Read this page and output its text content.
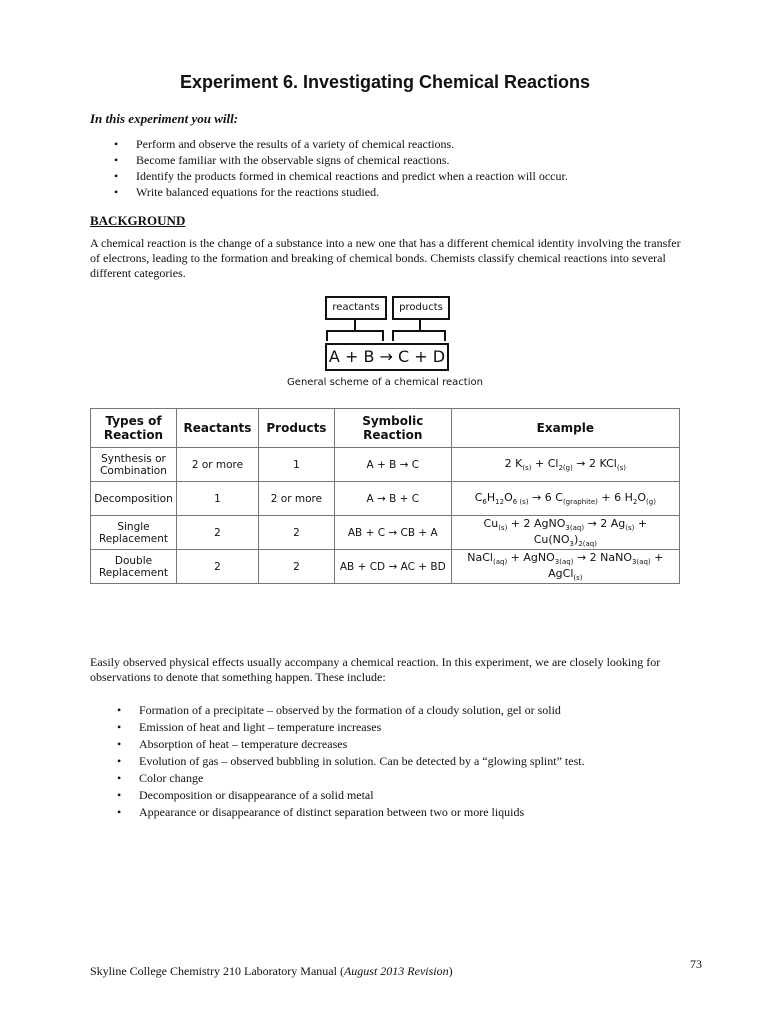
Experiment 6. Investigating Chemical Reactions
In this experiment you will:
• Perform and observe the results of a variety of chemical reactions.
• Become familiar with the observable signs of chemical reactions.
• Identify the products formed in chemical reactions and predict when a reaction will occur.
• Write balanced equations for the reactions studied.
BACKGROUND
A chemical reaction is the change of a substance into a new one that has a different chemical identity involving the transfer of electrons, leading to the formation and breaking of chemical bonds. Chemists classify chemical reactions into several different categories.
reactants	products
A + B → C + D
General scheme of a chemical reaction
Types of Reaction	Reactants	Products	Symbolic Reaction	Example
Synthesis or Combination	2 or more	1	A + B → C	2 $K_{(s)} + Cl_{2(g)} \to 2$ KCl$_{(s)}$
Decomposition	1	2 or more	A → B + C	$C_6H_{12}O_{6 (s)} \to 6$ $C_{(graphite)} + 6$ $H_2O_{(g)}$
Single Replacement	2	2	AB + C → CB + A	$Cu_{(s)} + 2$ AgNO$_{3(aq)}$ → 2 $Ag_{(s)} + Cu(NO_3)_{2(aq)}$
Double Replacement	2	2	AB + CD → AC + BD	NaCl$_{(aq)}$ + AgNO$_{3(aq)}$ → 2 NaNO$_{3(aq)}$ + AgCl$_{(s)}$
Easily observed physical effects usually accompany a chemical reaction. In this experiment, we are closely looking for observations to denote that something happen. These include:
• Formation of a precipitate – observed by the formation of a cloudy solution, gel or solid
• Emission of heat and light – temperature increases
• Absorption of heat – temperature decreases
• Evolution of gas – observed bubbling in solution. Can be detected by a “glowing splint” test.
• Color change
• Decomposition or disappearance of a solid metal
• Appearance or disappearance of distinct separation between two or more liquids
73
Skyline College Chemistry 210 Laboratory Manual (August 2013 Revision)
